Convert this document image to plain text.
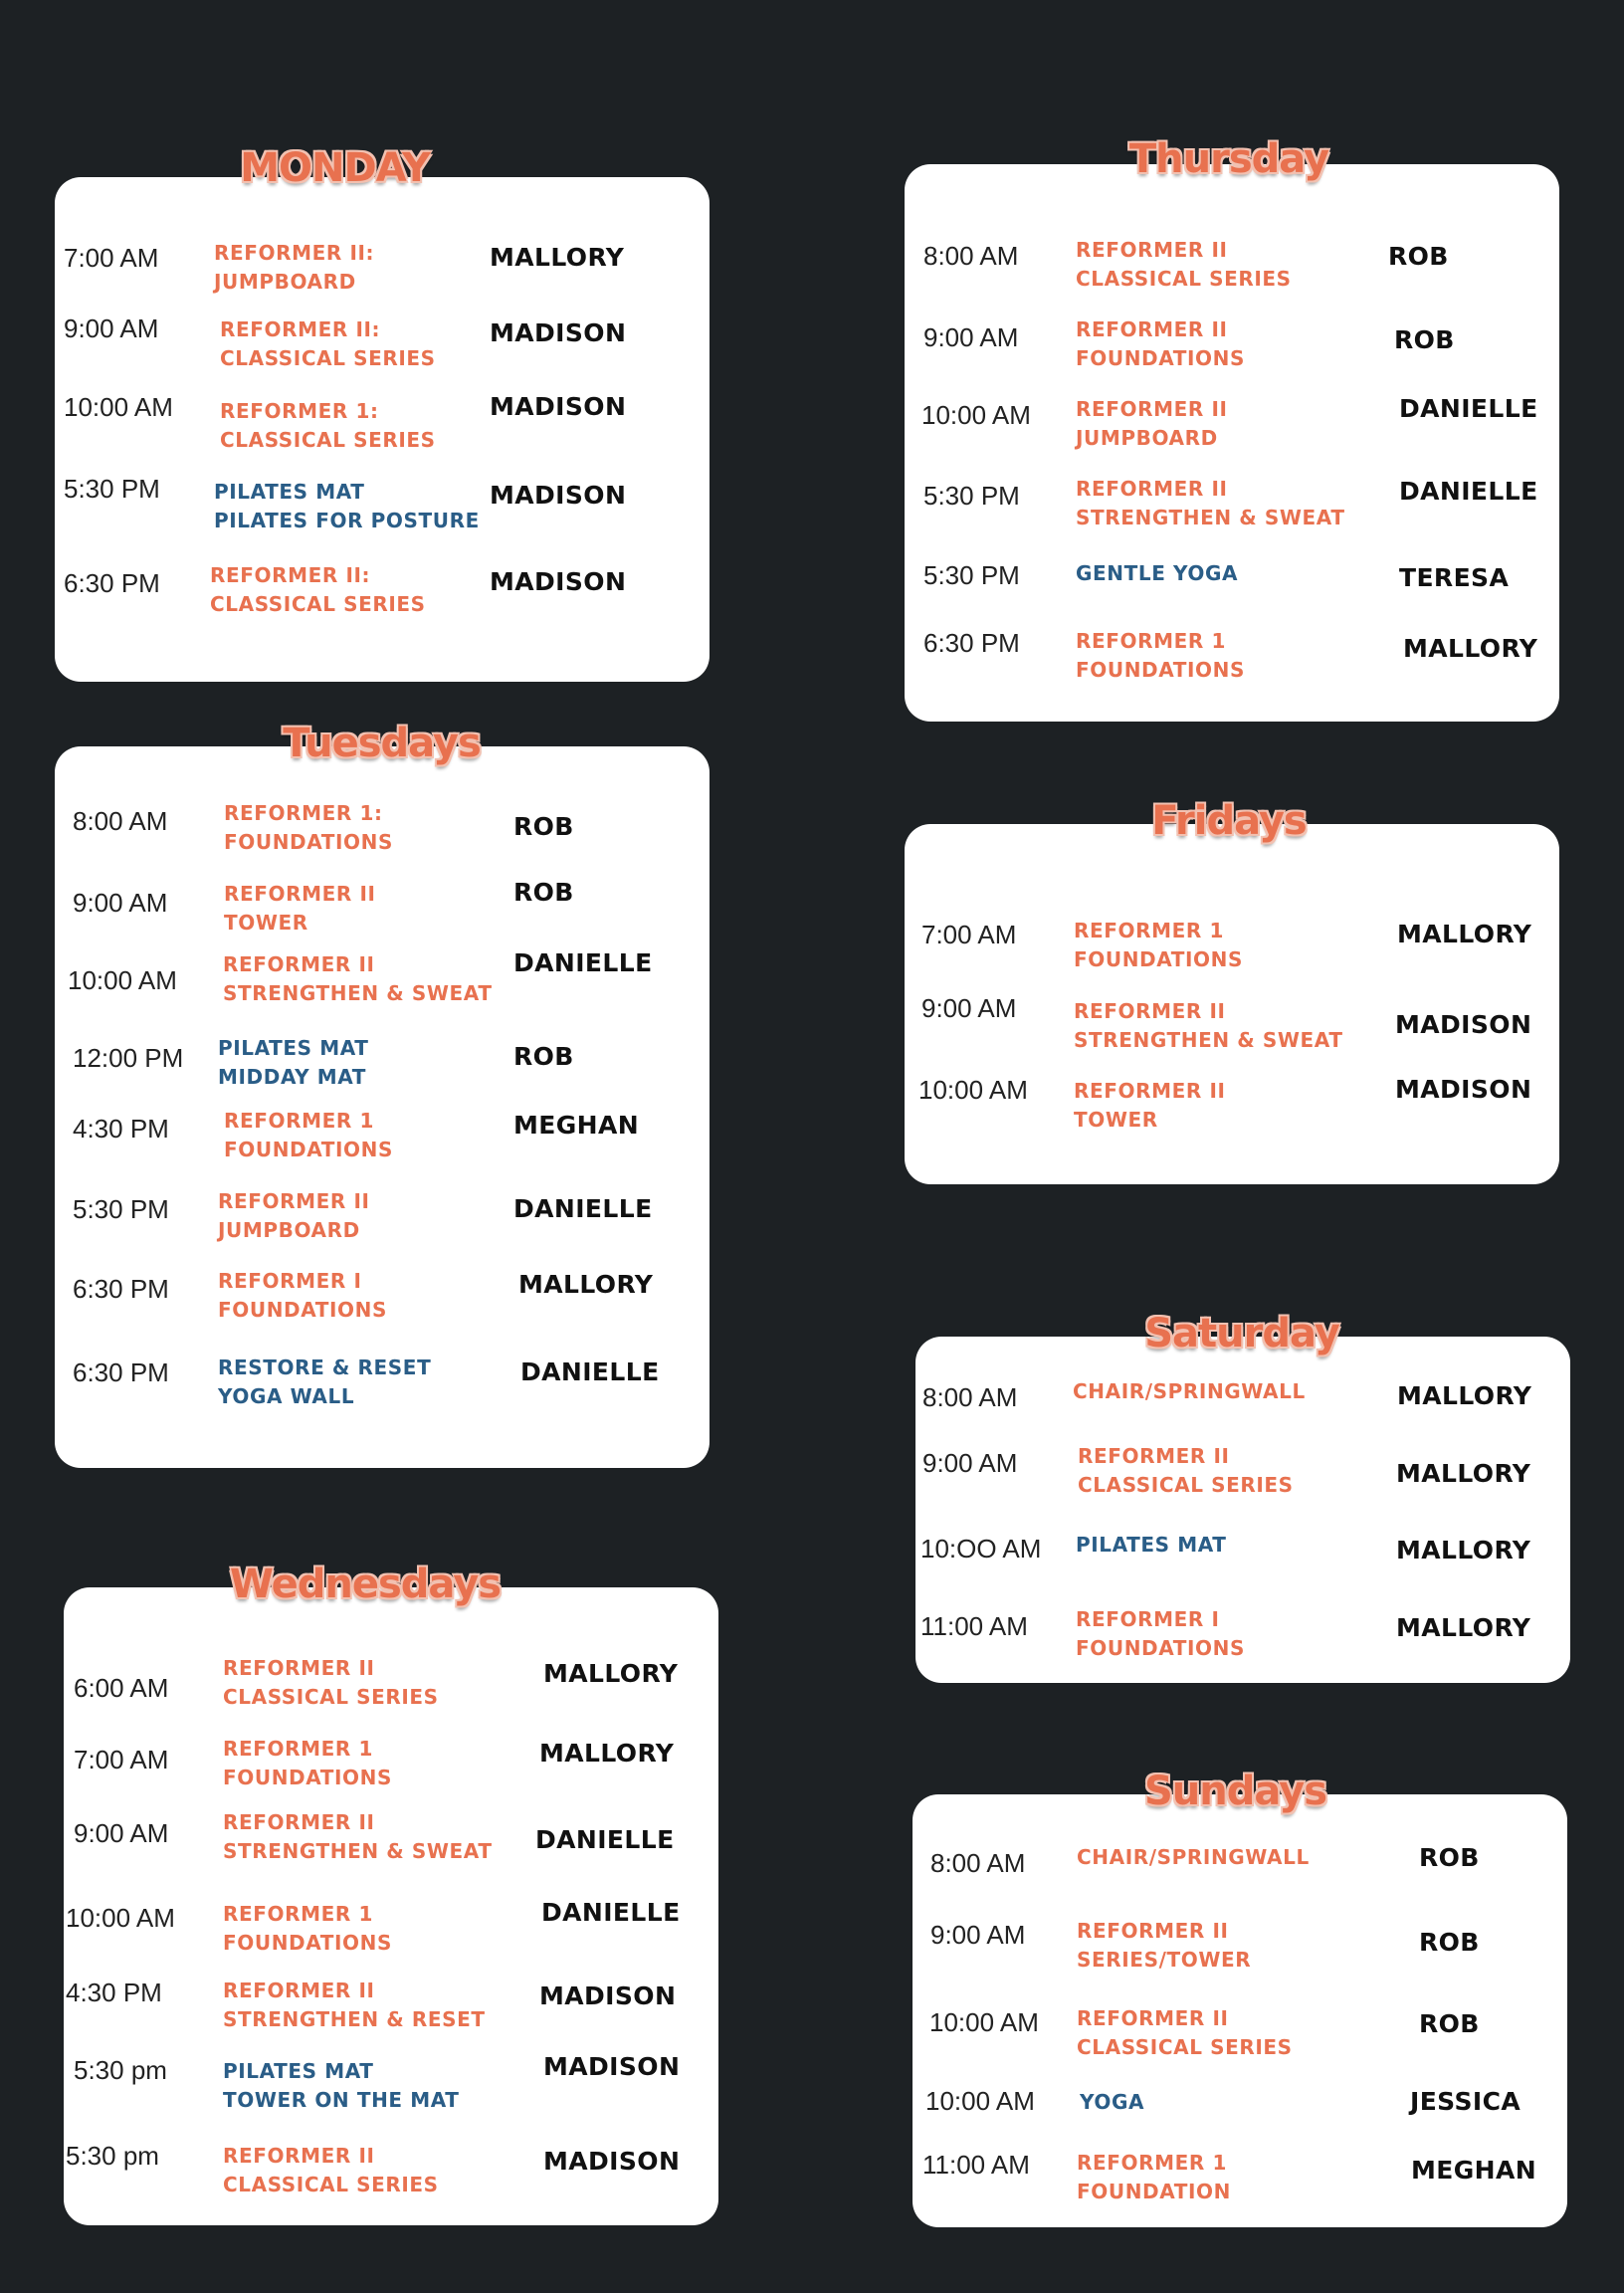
MONDAY
7:00 AM	REFORMER II:
JUMPBOARD
MALLORY
9:00 AM	REFORMER II:
CLASSICAL SERIES
MADISON
10:00 AM REFORMER 1:
CLASSICAL SERIES
MADISON
5:30 PM	PILATES MAT
PILATES FOR POSTURE
MADISON
6:30 PM	REFORMER II:
CLASSICAL SERIES
MADISON
Tuesdays
8:00 AM	REFORMER 1:
FOUNDATIONS
ROB
9:00 AM	REFORMER II
TOWER
ROB
10:00 AM
REFORMER II
STRENGTHEN & SWEAT
DANIELLE
12:00 PM PILATES MAT
MIDDAY MAT
ROB
4:30 PM	REFORMER 1
FOUNDATIONS
MEGHAN
5:30 PM REFORMER II
JUMPBOARD
DANIELLE
6:30 PM REFORMER I
FOUNDATIONS
MALLORY
6:30 PM RESTORE & RESET
YOGA WALL
DANIELLE
Wednesdays
6:00 AM
REFORMER II
CLASSICAL SERIES
MALLORY
7:00 AM	REFORMER 1
FOUNDATIONS
MALLORY
9:00 AM	REFORMER II
STRENGTHEN & SWEAT DANIELLE
10:00 AM REFORMER 1
FOUNDATIONS
DANIELLE
4:30 PM	REFORMER II
STRENGTHEN & RESET
MADISON
5:30 pm	PILATES MAT
TOWER ON THE MAT
MADISON
5:30 pm	REFORMER II
CLASSICAL SERIES
MADISON
Thursday
8:00 AM	REFORMER II
CLASSICAL SERIES
ROB
9:00 AM	REFORMER II
FOUNDATIONS
ROB
10:00 AM REFORMER II
JUMPBOARD
DANIELLE
5:30 PM	REFORMER II
STRENGTHEN & SWEAT
DANIELLE
5:30 PM	GENTLE YOGA	TERESA
6:30 PM	REFORMER 1
FOUNDATIONS
MALLORY
Fridays
7:00 AM	REFORMER 1
FOUNDATIONS
MALLORY
9:00 AM	REFORMER II
STRENGTHEN & SWEAT
MADISON
10:00 AM REFORMER II
TOWER
MADISON
Saturday
8:00 AM	CHAIR/SPRINGWALL	MALLORY
9:00 AM	REFORMER II
CLASSICAL SERIES	MALLORY
10:OO AM PILATES MAT	MALLORY
11:00 AM REFORMER I
FOUNDATIONS
MALLORY
Sundays
8:00 AM	CHAIR/SPRINGWALL	ROB
9:00 AM	REFORMER II
SERIES/TOWER
ROB
10:00 AM REFORMER II
CLASSICAL SERIES
ROB
10:00 AM YOGA	JESSICA
11:00 AM REFORMER 1
FOUNDATION
MEGHAN
